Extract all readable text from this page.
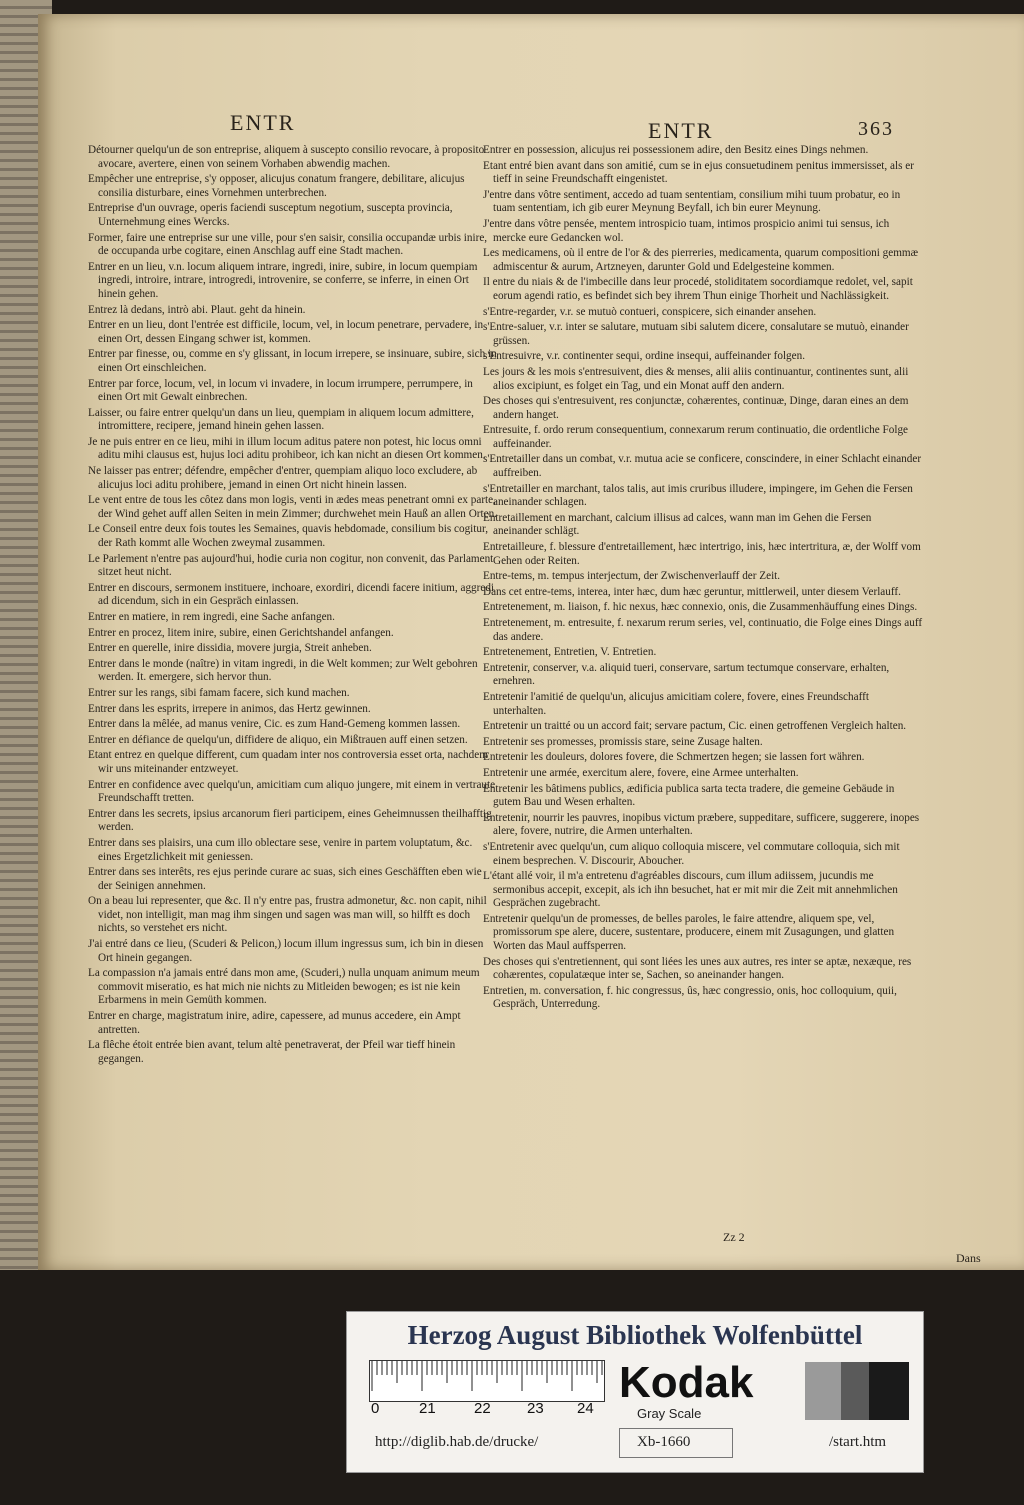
ENTR	ENTR	363
Détourner quelqu'un de son entreprise, aliquem à suscepto consilio revocare, à proposito avocare, avertere, einen von seinem Vorhaben abwendig machen.
Empêcher une entreprise, s'y opposer, alicujus conatum frangere, debilitare, alicujus consilia disturbare, eines Vornehmen unterbrechen.
Entreprise d'un ouvrage, operis faciendi susceptum negotium, suscepta provincia, Unternehmung eines Wercks.
Former, faire une entreprise sur une ville, pour s'en saisir, consilia occupandæ urbis inire, de occupanda urbe cogitare, einen Anschlag auff eine Stadt machen.
Entrer en un lieu, v.n. locum aliquem intrare, ingredi, inire, subire, in locum quempiam ingredi, introire, intrare, introgredi, introvenire, se conferre, se inferre, in einen Ort hinein gehen.
Entrez là dedans, intrò abi. Plaut. geht da hinein.
Entrer en un lieu, dont l'entrée est difficile, locum, vel, in locum penetrare, pervadere, in einen Ort, dessen Eingang schwer ist, kommen.
Entrer par finesse, ou, comme en s'y glissant, in locum irrepere, se insinuare, subire, sich in einen Ort einschleichen.
Entrer par force, locum, vel, in locum vi invadere, in locum irrumpere, perrumpere, in einen Ort mit Gewalt einbrechen.
Laisser, ou faire entrer quelqu'un dans un lieu, quempiam in aliquem locum admittere, intromittere, recipere, jemand hinein gehen lassen.
Je ne puis entrer en ce lieu, mihi in illum locum aditus patere non potest, hic locus omni aditu mihi clausus est, hujus loci aditu prohibeor, ich kan nicht an diesen Ort kommen.
Ne laisser pas entrer; défendre, empêcher d'entrer, quempiam aliquo loco excludere, ab alicujus loci aditu prohibere, jemand in einen Ort nicht hinein lassen.
Le vent entre de tous les côtez dans mon logis, venti in ædes meas penetrant omni ex parte, der Wind gehet auff allen Seiten in mein Zimmer; durchwehet mein Hauß an allen Orten.
Le Conseil entre deux fois toutes les Semaines, quavis hebdomade, consilium bis cogitur, der Rath kommt alle Wochen zweymal zusammen.
Le Parlement n'entre pas aujourd'hui, hodie curia non cogitur, non convenit, das Parlament sitzet heut nicht.
Entrer en discours, sermonem instituere, inchoare, exordiri, dicendi facere initium, aggredi ad dicendum, sich in ein Gespräch einlassen.
Entrer en matiere, in rem ingredi, eine Sache anfangen.
Entrer en procez, litem inire, subire, einen Gerichtshandel anfangen.
Entrer en querelle, inire dissidia, movere jurgia, Streit anheben.
Entrer dans le monde (naître) in vitam ingredi, in die Welt kommen; zur Welt gebohren werden. It. emergere, sich hervor thun.
Entrer sur les rangs, sibi famam facere, sich kund machen.
Entrer dans les esprits, irrepere in animos, das Hertz gewinnen.
Entrer dans la mêlée, ad manus venire, Cic. es zum Hand-Gemeng kommen lassen.
Entrer en défiance de quelqu'un, diffidere de aliquo, ein Mißtrauen auff einen setzen.
Etant entrez en quelque different, cum quadam inter nos controversia esset orta, nachdem wir uns miteinander entzweyet.
Entrer en confidence avec quelqu'un, amicitiam cum aliquo jungere, mit einem in vertraute Freundschafft tretten.
Entrer dans les secrets, ipsius arcanorum fieri participem, eines Geheimnussen theilhafftig werden.
Entrer dans ses plaisirs, una cum illo oblectare sese, venire in partem voluptatum, &c. eines Ergetzlichkeit mit geniessen.
Entrer dans ses interêts, res ejus perinde curare ac suas, sich eines Geschäfften eben wie der Seinigen annehmen.
On a beau lui representer, que &c. Il n'y entre pas, frustra admonetur, &c. non capit, nihil videt, non intelligit, man mag ihm singen und sagen was man will, so hilfft es doch nichts, so verstehet ers nicht.
J'ai entré dans ce lieu, (Scuderi & Pelicon,) locum illum ingressus sum, ich bin in diesen Ort hinein gegangen.
La compassion n'a jamais entré dans mon ame, (Scuderi,) nulla unquam animum meum commovit miseratio, es hat mich nie nichts zu Mitleiden bewogen; es ist nie kein Erbarmens in mein Gemüth kommen.
Entrer en charge, magistratum inire, adire, capessere, ad munus accedere, ein Ampt antretten.
La flêche étoit entrée bien avant, telum altè penetraverat, der Pfeil war tieff hinein gegangen.
Entrer en possession, alicujus rei possessionem adire, den Besitz eines Dings nehmen.
Etant entré bien avant dans son amitié, cum se in ejus consuetudinem penitus immersisset, als er tieff in seine Freundschafft eingenistet.
J'entre dans vôtre sentiment, accedo ad tuam sententiam, consilium mihi tuum probatur, eo in tuam sententiam, ich gib eurer Meynung Beyfall, ich bin eurer Meynung.
J'entre dans vôtre pensée, mentem introspicio tuam, intimos prospicio animi tui sensus, ich mercke eure Gedancken wol.
Les medicamens, où il entre de l'or & des pierreries, medicamenta, quarum compositioni gemmæ admiscentur & aurum, Artzneyen, darunter Gold und Edelgesteine kommen.
Il entre du niais & de l'imbecille dans leur procedé, stoliditatem socordiamque redolet, vel, sapit eorum agendi ratio, es befindet sich bey ihrem Thun einige Thorheit und Nachlässigkeit.
s'Entre-regarder, v.r. se mutuò contueri, conspicere, sich einander ansehen.
s'Entre-saluer, v.r. inter se salutare, mutuam sibi salutem dicere, consalutare se mutuò, einander grüssen.
s'Entresuivre, v.r. continenter sequi, ordine insequi, auffeinander folgen.
Les jours & les mois s'entresuivent, dies & menses, alii aliis continuantur, continentes sunt, alii alios excipiunt, es folget ein Tag, und ein Monat auff den andern.
Des choses qui s'entresuivent, res conjunctæ, cohærentes, continuæ, Dinge, daran eines an dem andern hanget.
Entresuite, f. ordo rerum consequentium, connexarum rerum continuatio, die ordentliche Folge auffeinander.
s'Entretailler dans un combat, v.r. mutua acie se conficere, conscindere, in einer Schlacht einander auffreiben.
s'Entretailler en marchant, talos talis, aut imis cruribus illudere, impingere, im Gehen die Fersen aneinander schlagen.
Entretaillement en marchant, calcium illisus ad calces, wann man im Gehen die Fersen aneinander schlägt.
Entretailleure, f. blessure d'entretaillement, hæc intertrigo, inis, hæc intertritura, æ, der Wolff vom Gehen oder Reiten.
Entre-tems, m. tempus interjectum, der Zwischenverlauff der Zeit.
Dans cet entre-tems, interea, inter hæc, dum hæc geruntur, mittlerweil, unter diesem Verlauff.
Entretenement, m. liaison, f. hic nexus, hæc connexio, onis, die Zusammenhäuffung eines Dings.
Entretenement, m. entresuite, f. nexarum rerum series, vel, continuatio, die Folge eines Dings auff das andere.
Entretenement, Entretien, V. Entretien.
Entretenir, conserver, v.a. aliquid tueri, conservare, sartum tectumque conservare, erhalten, ernehren.
Entretenir l'amitié de quelqu'un, alicujus amicitiam colere, fovere, eines Freundschafft unterhalten.
Entretenir un traitté ou un accord fait; servare pactum, Cic. einen getroffenen Vergleich halten.
Entretenir ses promesses, promissis stare, seine Zusage halten.
Entretenir les douleurs, dolores fovere, die Schmertzen hegen; sie lassen fort währen.
Entretenir une armée, exercitum alere, fovere, eine Armee unterhalten.
Entretenir les bâtimens publics, ædificia publica sarta tecta tradere, die gemeine Gebäude in gutem Bau und Wesen erhalten.
Entretenir, nourrir les pauvres, inopibus victum præbere, suppeditare, sufficere, suggerere, inopes alere, fovere, nutrire, die Armen unterhalten.
s'Entretenir avec quelqu'un, cum aliquo colloquia miscere, vel commutare colloquia, sich mit einem besprechen. V. Discourir, Aboucher.
L'étant allé voir, il m'a entretenu d'agréables discours, cum illum adiissem, jucundis me sermonibus accepit, excepit, als ich ihn besuchet, hat er mit mir die Zeit mit annehmlichen Gesprächen zugebracht.
Entretenir quelqu'un de promesses, de belles paroles, le faire attendre, aliquem spe, vel, promissorum spe alere, ducere, sustentare, producere, einem mit Zusagungen, und glatten Worten das Maul auffsperren.
Des choses qui s'entretiennent, qui sont liées les unes aux autres, res inter se aptæ, nexæque, res cohærentes, copulatæque inter se, Sachen, so aneinander hangen.
Entretien, m. conversation, f. hic congressus, ûs, hæc congressio, onis, hoc colloquium, quii, Gespräch, Unterredung.
Zz 2
Dans
Herzog August Bibliothek Wolfenbüttel
0	21	22 23 24
Kodak
Gray Scale
http://diglib.hab.de/drucke/	Xb-1660	/start.htm
